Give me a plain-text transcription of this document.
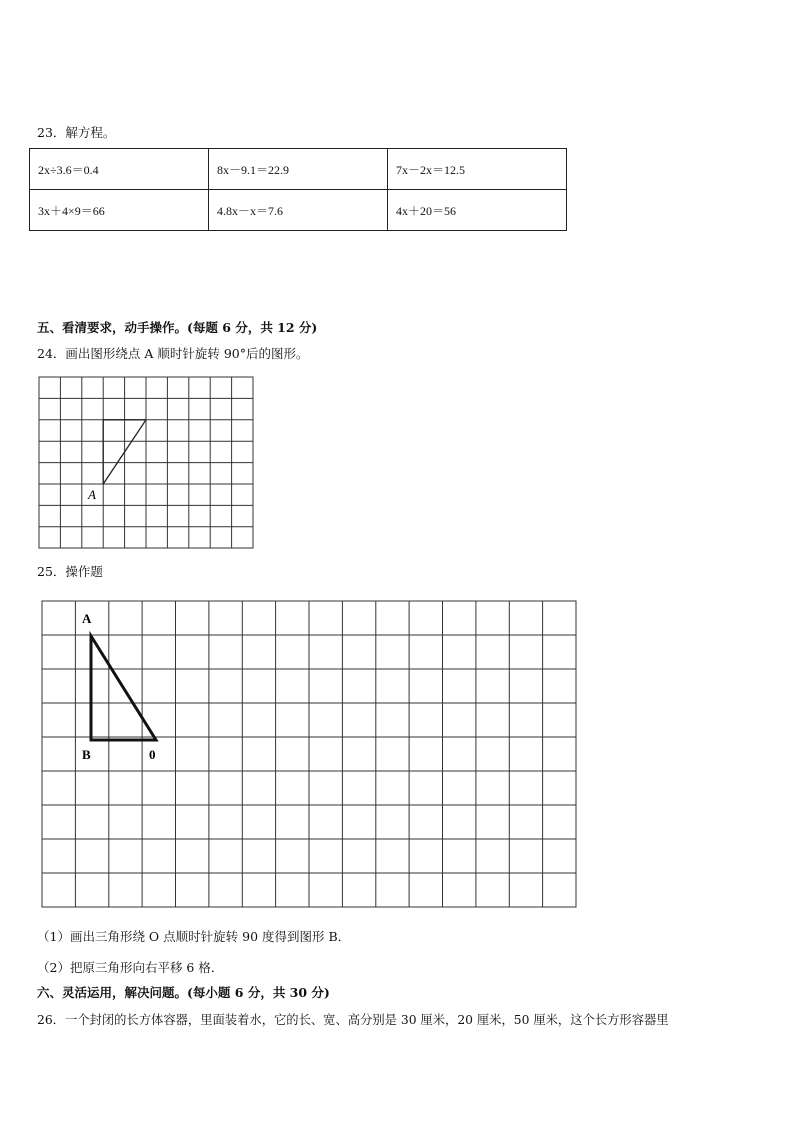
23．解方程。
2x÷3.6＝0.4	8x－9.1＝22.9	7x－2x＝12.5
3x＋4×9＝66	4.8x－x＝7.6	4x＋20＝56
五、看清要求，动手操作。(每题 6 分，共 12 分)
24．画出图形绕点 A 顺时针旋转 90°后的图形。
A
25．操作题
A
B	0
（1）画出三角形绕 O 点顺时针旋转 90 度得到图形 B．
（2）把原三角形向右平移 6 格．
六、灵活运用，解决问题。(每小题 6 分，共 30 分)
26．一个封闭的长方体容器，里面装着水，它的长、宽、高分别是 30 厘米，20 厘米，50 厘米，这个长方形容器里
